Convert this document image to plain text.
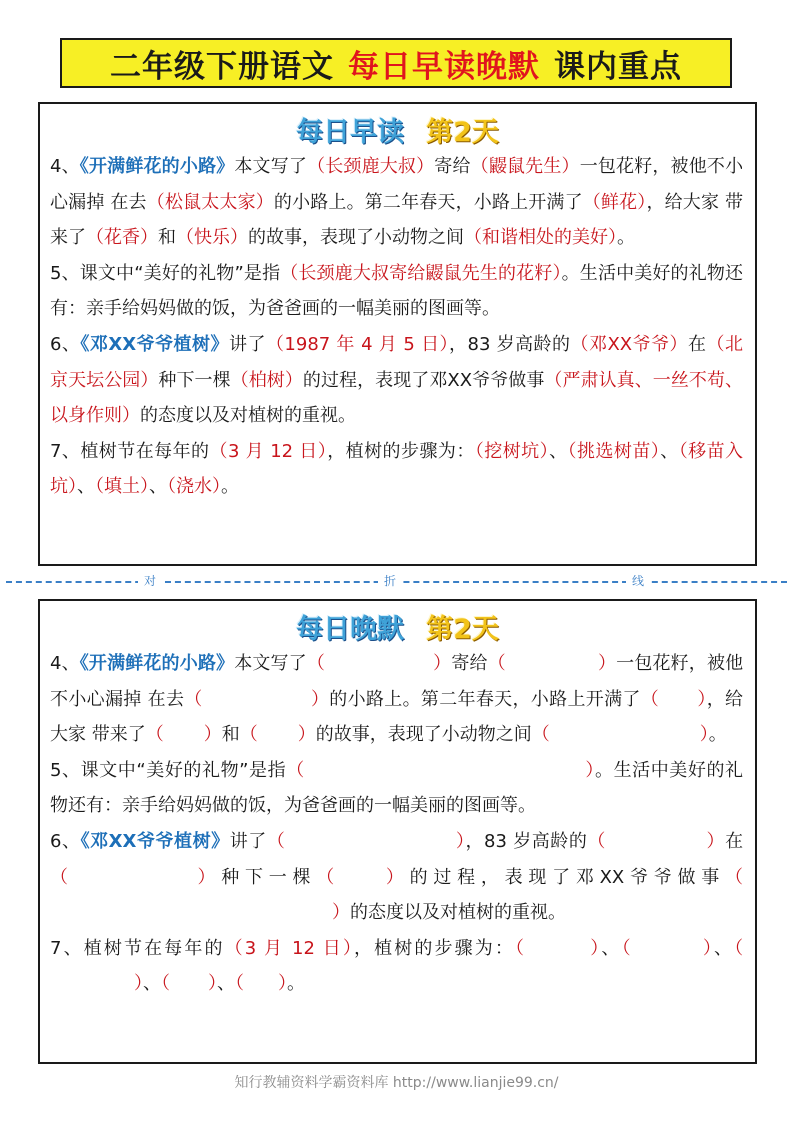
二年级下册语文 每日早读晚默 课内重点
每日早读 第2天

4、《开满鲜花的小路》本文写了（长颈鹿大叔）寄给（鼹鼠先生）一包花籽，被他不小心漏掉 在去（松鼠太太家）的小路上。第二年春天，小路上开满了（鲜花），给大家 带来了（花香）和（快乐）的故事，表现了小动物之间（和谐相处的美好）。

5、课文中“美好的礼物”是指（长颈鹿大叔寄给鼹鼠先生的花籽）。生活中美好的礼物还有：亲手给妈妈做的饭，为爸爸画的一幅美丽的图画等。

6、《邓XX爷爷植树》讲了（1987 年 4 月 5 日），83 岁高龄的（邓XX爷爷）在（北京天坛公园）种下一棵（柏树）的过程，表现了邓XX爷爷做事（严肃认真、一丝不苟、以身作则）的态度以及对植树的重视。

7、植树节在每年的（3 月 12 日），植树的步骤为：（挖树坑）、（挑选树苗）、（移苗入坑）、（填土）、（浇水）。

对	折	线
每日晚默 第2天

4、《开满鲜花的小路》本文写了（	）寄给（	）一包花籽，被他不小心漏掉 在去（	）的小路上。第二年春天，小路上开满了（ ），给大家 带来了（ ）和（ ）的故事，表现了小动物之间（	）。

5、课文中“美好的礼物”是指（	）。生活中美好的礼物还有：亲手给妈妈做的饭，为爸爸画的一幅美丽的图画等。

6、《邓XX爷爷植树》讲了（	），83 岁高龄的（	）在（	）种下一棵（ ）的过程，表现了邓XX爷爷做事（）的态度以及对植树的重视。

7、植树节在每年的（3 月 12 日），植树的步骤为：（	）、（	）、（）、（ ）、（ ）。

知行教辅资料学霸资料库 http://www.lianjie99.cn/
